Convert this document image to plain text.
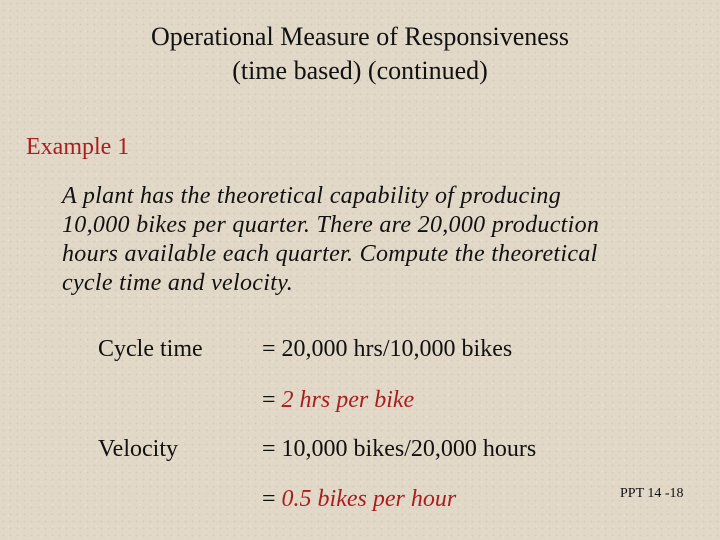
Operational Measure of Responsiveness
(time based) (continued)
Example 1
A plant has the theoretical capability of producing
10,000 bikes per quarter. There are 20,000 production
hours available each quarter. Compute the theoretical
cycle time and velocity.
Cycle time = 20,000 hrs/10,000 bikes
= 2 hrs per bike
Velocity	= 10,000 bikes/20,000 hours
= 0.5 bikes per hour	PPT 14 -18
